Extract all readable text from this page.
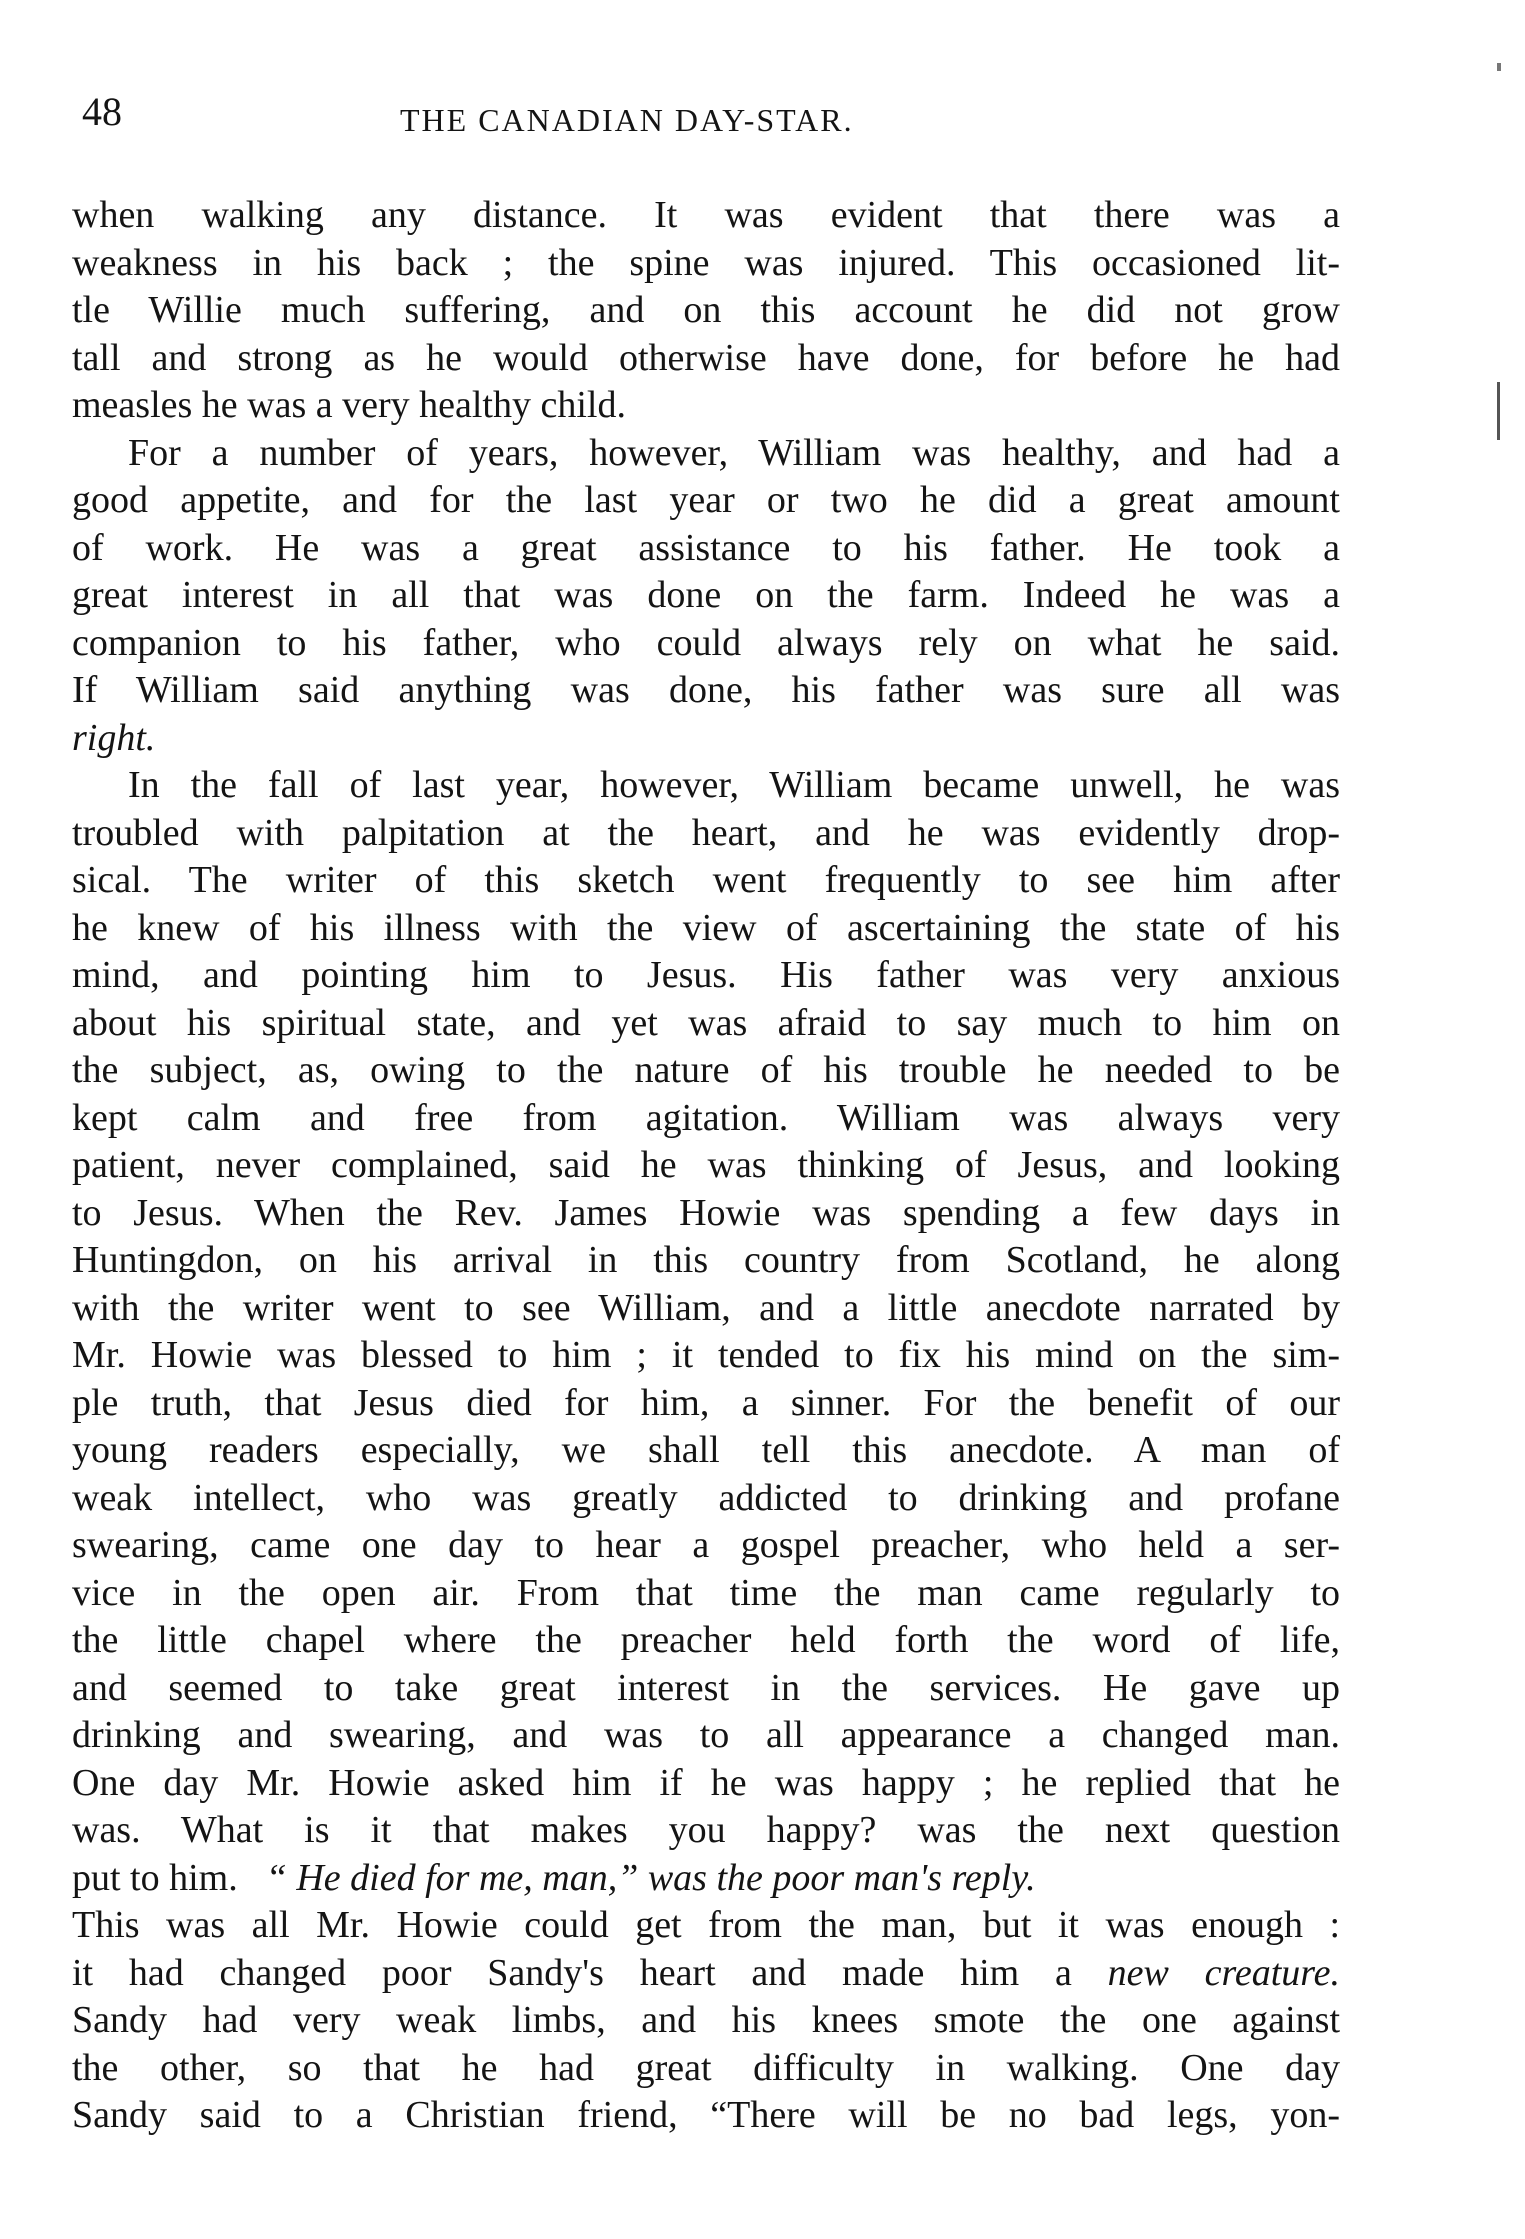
48	THE CANADIAN DAY-STAR.
when walking any distance. It was evident that there was a
weakness in his back ; the spine was injured. This occasioned lit-
tle Willie much suffering, and on this account he did not grow
tall and strong as he would otherwise have done, for before he had
measles he was a very healthy child.
For a number of years, however, William was healthy, and had a
good appetite, and for the last year or two he did a great amount
of work. He was a great assistance to his father. He took a
great interest in all that was done on the farm. Indeed he was a
companion to his father, who could always rely on what he said.
If William said anything was done, his father was sure all was
right.
In the fall of last year, however, William became unwell, he was
troubled with palpitation at the heart, and he was evidently drop-
sical. The writer of this sketch went frequently to see him after
he knew of his illness with the view of ascertaining the state of his
mind, and pointing him to Jesus. His father was very anxious
about his spiritual state, and yet was afraid to say much to him on
the subject, as, owing to the nature of his trouble he needed to be
kept calm and free from agitation. William was always very
patient, never complained, said he was thinking of Jesus, and looking
to Jesus. When the Rev. James Howie was spending a few days in
Huntingdon, on his arrival in this country from Scotland, he along
with the writer went to see William, and a little anecdote narrated by
Mr. Howie was blessed to him ; it tended to fix his mind on the sim-
ple truth, that Jesus died for him, a sinner. For the benefit of our
young readers especially, we shall tell this anecdote. A man of
weak intellect, who was greatly addicted to drinking and profane
swearing, came one day to hear a gospel preacher, who held a ser-
vice in the open air. From that time the man came regularly to
the little chapel where the preacher held forth the word of life,
and seemed to take great interest in the services. He gave up
drinking and swearing, and was to all appearance a changed man.
One day Mr. Howie asked him if he was happy ; he replied that he
was. What is it that makes you happy? was the next question
put to him. “ He died for me, man,” was the poor man's reply.
This was all Mr. Howie could get from the man, but it was enough :
it had changed poor Sandy's heart and made him a new creature.
Sandy had very weak limbs, and his knees smote the one against
the other, so that he had great difficulty in walking. One day
Sandy said to a Christian friend, “There will be no bad legs, yon-
